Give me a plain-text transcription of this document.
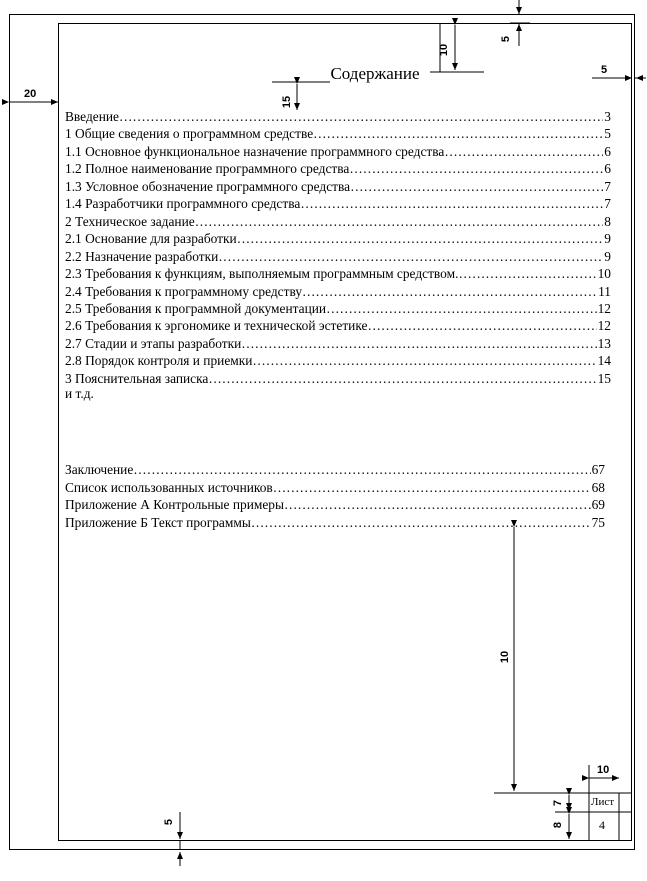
Содержание
Введение ……………………………………………………………………………………………………………………………………………………	3
1 Общие сведения о программном средстве ……………………………………………………………………………………………………………………………………………………	5
1.1 Основное функциональное назначение программного средства ……………………………………………………………………………………………………………………………………………………	6
1.2 Полное наименование программного средства ……………………………………………………………………………………………………………………………………………………	6
1.3 Условное обозначение программного средства ……………………………………………………………………………………………………………………………………………………	7
1.4 Разработчики программного средства ……………………………………………………………………………………………………………………………………………………	7
2 Техническое задание ……………………………………………………………………………………………………………………………………………………	8
2.1 Основание для разработки ……………………………………………………………………………………………………………………………………………………	9
2.2 Назначение разработки ……………………………………………………………………………………………………………………………………………………	9
2.3 Требования к функциям, выполняемым программным средством. ……………………………………………………………………………………………………………………………………………………	10
2.4 Требования к программному средству ……………………………………………………………………………………………………………………………………………………	11
2.5 Требования к программной документации ……………………………………………………………………………………………………………………………………………………	12
2.6 Требования к эргономике и технической эстетике ……………………………………………………………………………………………………………………………………………………	12
2.7 Стадии и этапы разработки ……………………………………………………………………………………………………………………………………………………	13
2.8 Порядок контроля и приемки ……………………………………………………………………………………………………………………………………………………	14
3 Пояснительная записка ……………………………………………………………………………………………………………………………………………………	15
и т.д.
Заключение ……………………………………………………………………………………………………………………………………………………	67
Список использованных источников ……………………………………………………………………………………………………………………………………………………	68
Приложение А Контрольные примеры ……………………………………………………………………………………………………………………………………………………	69
Приложение Б Текст программы ……………………………………………………………………………………………………………………………………………………	75
20
5
10
15
5
10
10
7
8
5
Лист
4
